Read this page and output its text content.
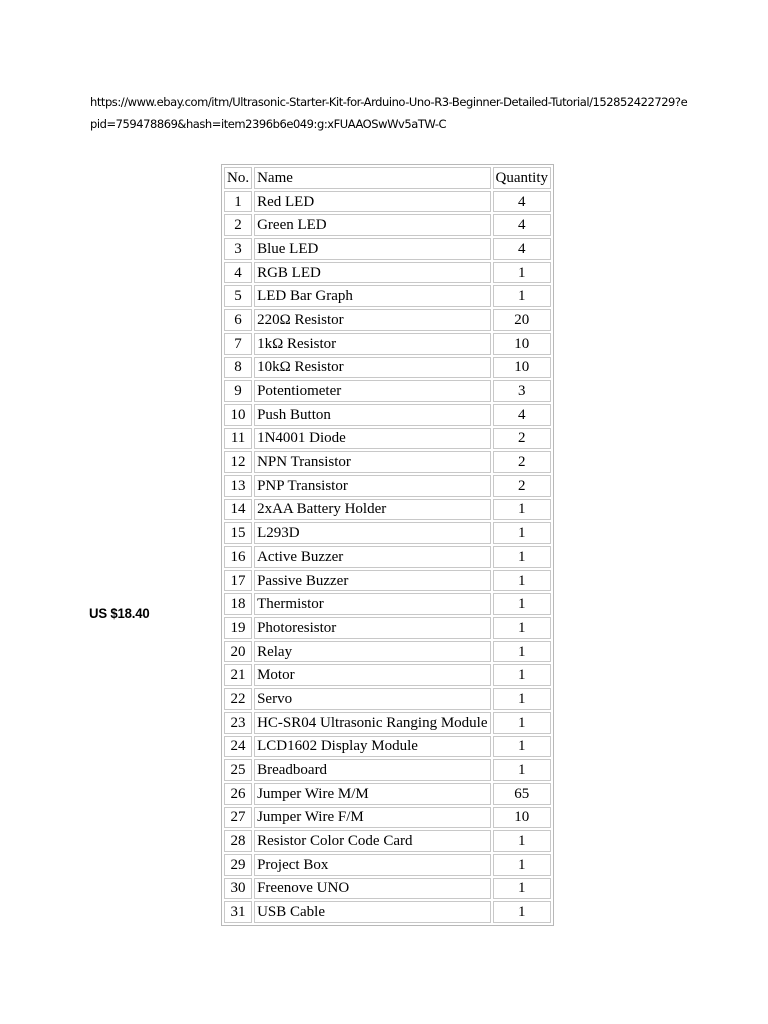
https://www.ebay.com/itm/Ultrasonic-Starter-Kit-for-Arduino-Uno-R3-Beginner-Detailed-Tutorial/152852422729?epid=759478869&hash=item2396b6e049:g:xFUAAOSwWv5aTW-C
US $18.40
No.	Name	Quantity
1	Red LED	4
2	Green LED	4
3	Blue LED	4
4	RGB LED	1
5	LED Bar Graph	1
6	220Ω Resistor	20
7	1kΩ Resistor	10
8	10kΩ Resistor	10
9	Potentiometer	3
10	Push Button	4
11	1N4001 Diode	2
12	NPN Transistor	2
13	PNP Transistor	2
14	2xAA Battery Holder	1
15	L293D	1
16	Active Buzzer	1
17	Passive Buzzer	1
18	Thermistor	1
19	Photoresistor	1
20	Relay	1
21	Motor	1
22	Servo	1
23	HC-SR04 Ultrasonic Ranging Module	1
24	LCD1602 Display Module	1
25	Breadboard	1
26	Jumper Wire M/M	65
27	Jumper Wire F/M	10
28	Resistor Color Code Card	1
29	Project Box	1
30	Freenove UNO	1
31	USB Cable	1
